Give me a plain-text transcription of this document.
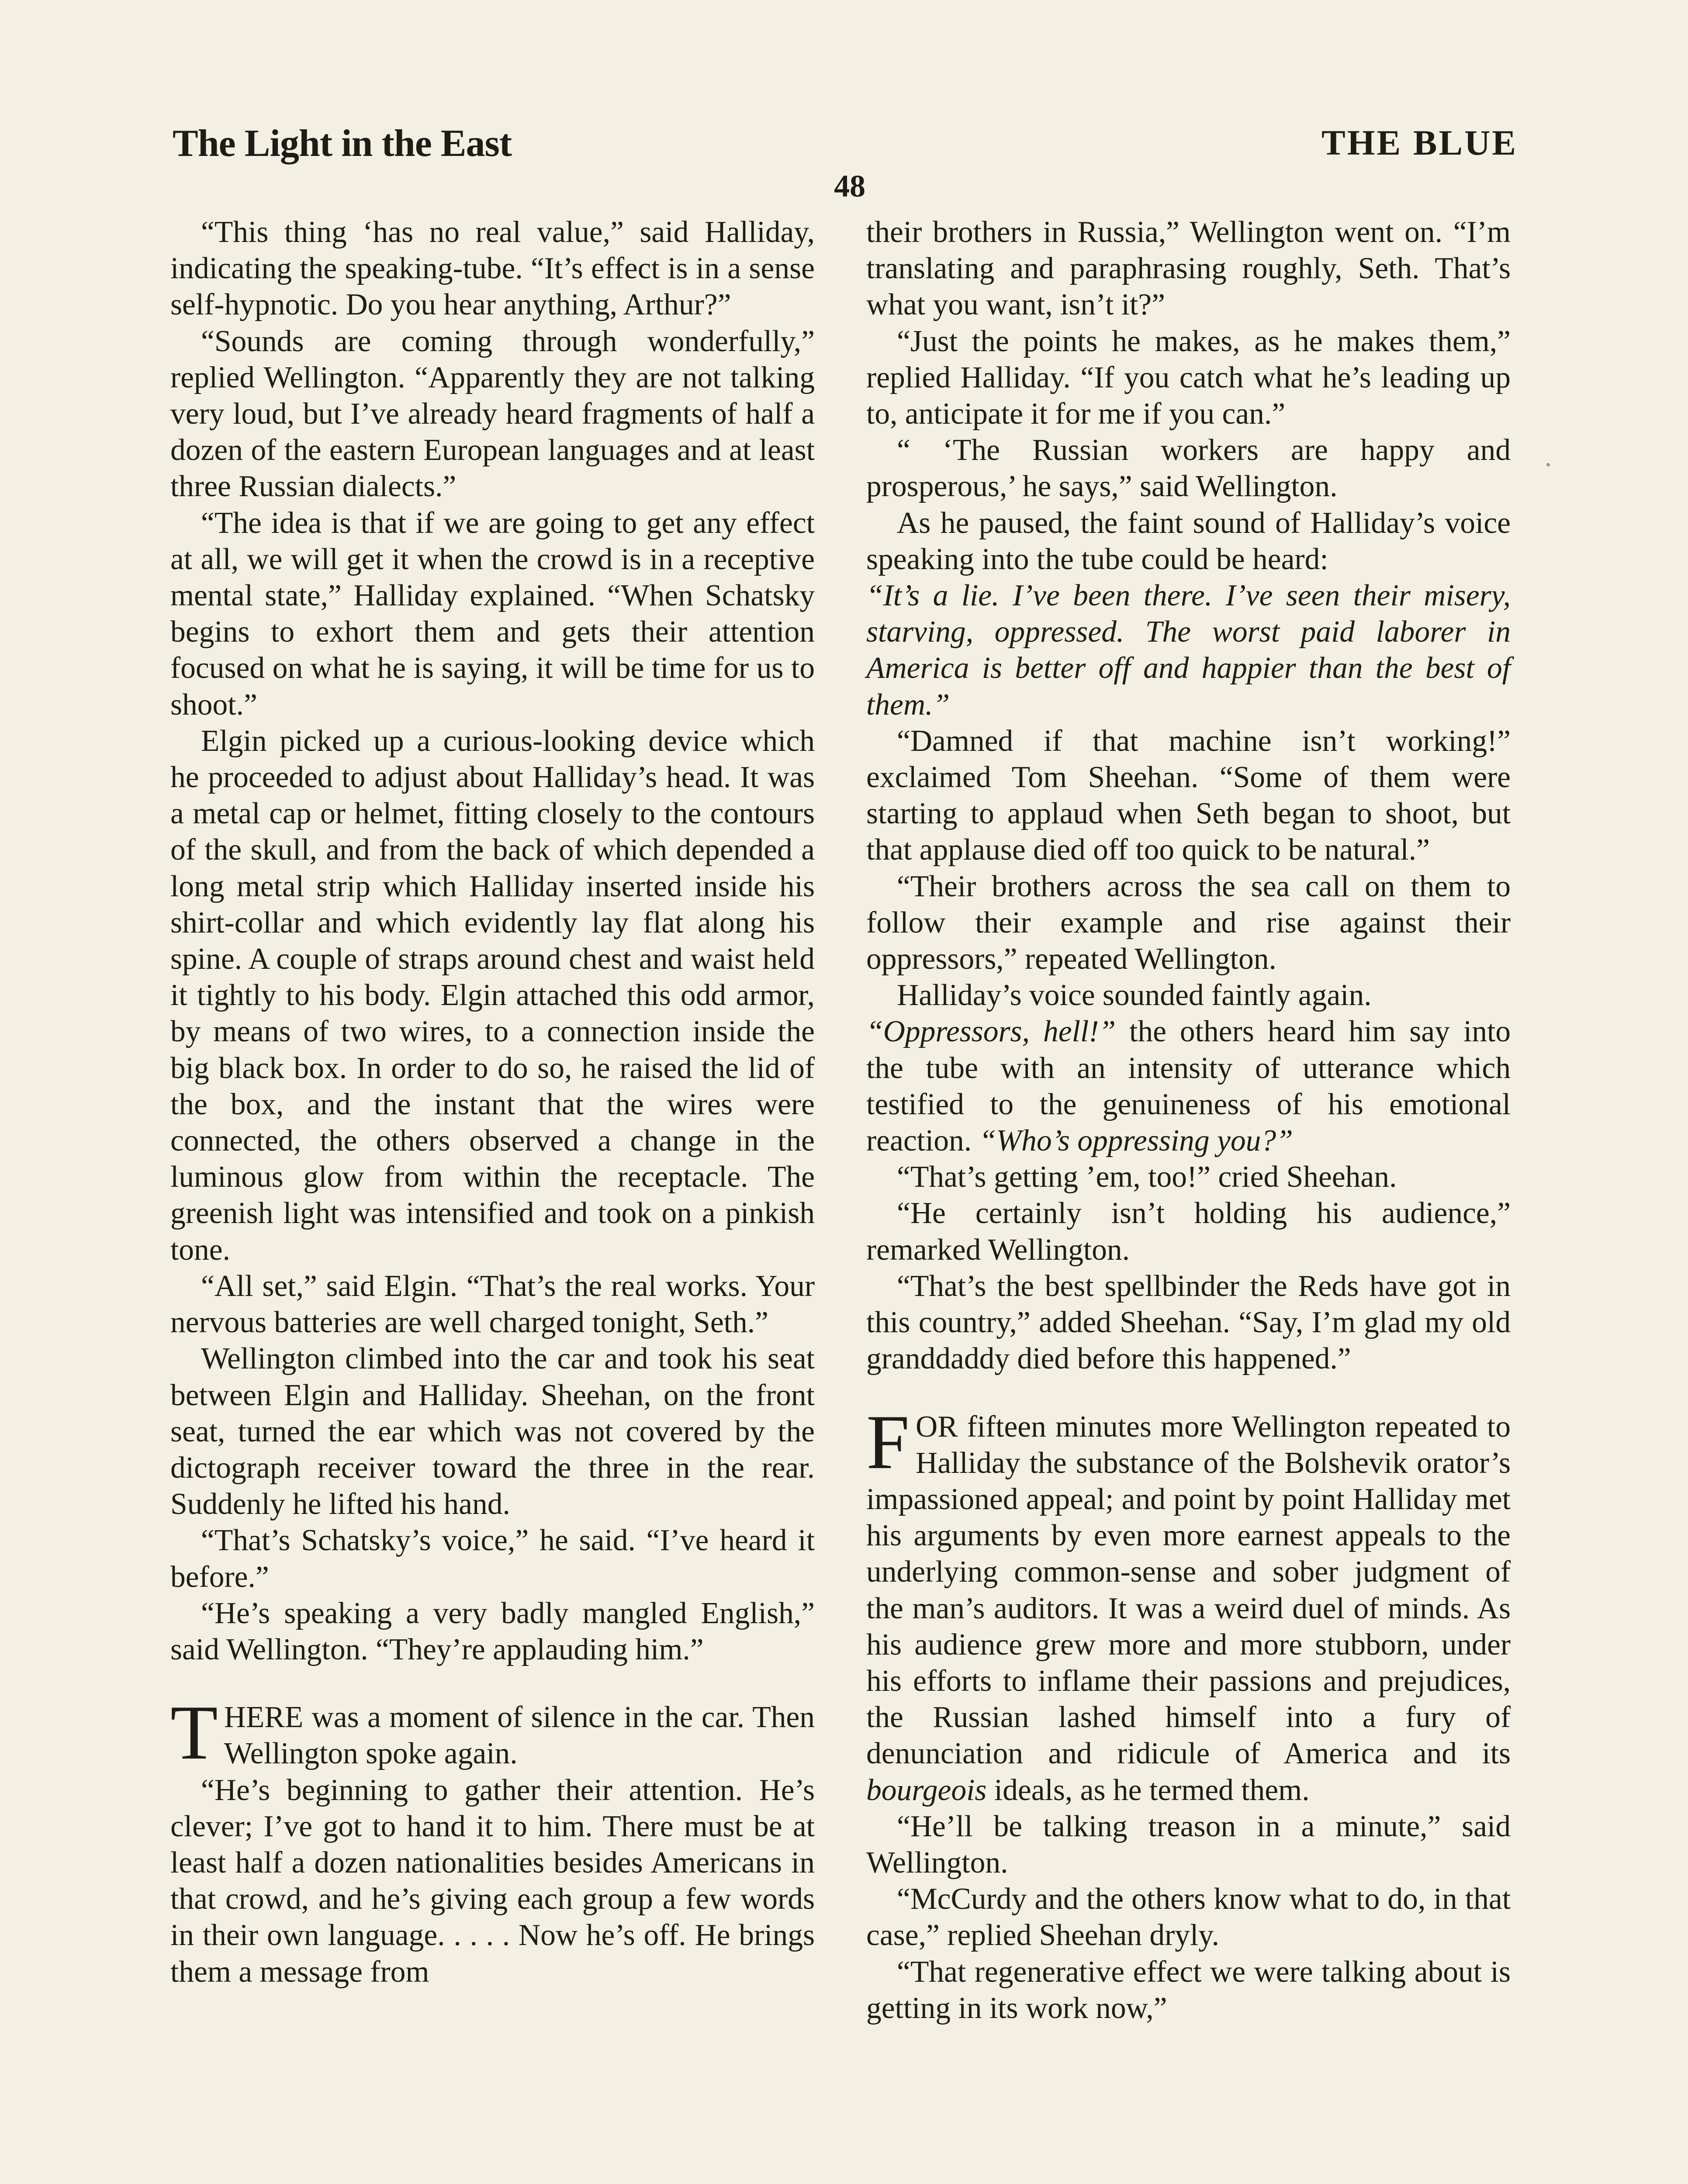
The Light in the East	THE BLUE
48

“This thing ‘has no real value,” said Halliday, indicating the speaking-tube. “It’s effect is in a sense self-hypnotic. Do you hear anything, Arthur?”

“Sounds are coming through wonderfully,” replied Wellington. “Apparently they are not talking very loud, but I’ve already heard fragments of half a dozen of the eastern European languages and at least three Russian dialects.”

“The idea is that if we are going to get any effect at all, we will get it when the crowd is in a receptive mental state,” Halliday explained. “When Schatsky begins to exhort them and gets their attention focused on what he is saying, it will be time for us to shoot.”

Elgin picked up a curious-looking device which he proceeded to adjust about Halliday’s head. It was a metal cap or helmet, fitting closely to the contours of the skull, and from the back of which depended a long metal strip which Halliday inserted inside his shirt-collar and which evidently lay flat along his spine. A couple of straps around chest and waist held it tightly to his body. Elgin attached this odd armor, by means of two wires, to a connection inside the big black box. In order to do so, he raised the lid of the box, and the instant that the wires were connected, the others observed a change in the luminous glow from within the receptacle. The greenish light was intensified and took on a pinkish tone.

“All set,” said Elgin. “That’s the real works. Your nervous batteries are well charged tonight, Seth.”

Wellington climbed into the car and took his seat between Elgin and Halliday. Sheehan, on the front seat, turned the ear which was not covered by the dictograph receiver toward the three in the rear. Suddenly he lifted his hand.

“That’s Schatsky’s voice,” he said. “I’ve heard it before.”

“He’s speaking a very badly mangled English,” said Wellington. “They’re applauding him.”

THERE was a moment of silence in the car. Then Wellington spoke again.

“He’s beginning to gather their attention. He’s clever; I’ve got to hand it to him. There must be at least half a dozen nationalities besides Americans in that crowd, and he’s giving each group a few words in their own language. . . . . Now he’s off. He brings them a message from

their brothers in Russia,” Wellington went on. “I’m translating and paraphrasing roughly, Seth. That’s what you want, isn’t it?”

“Just the points he makes, as he makes them,” replied Halliday. “If you catch what he’s leading up to, anticipate it for me if you can.”

“ ‘The Russian workers are happy and prosperous,’ he says,” said Wellington.

As he paused, the faint sound of Halliday’s voice speaking into the tube could be heard:

“It’s a lie. I’ve been there. I’ve seen their misery, starving, oppressed. The worst paid laborer in America is better off and happier than the best of them.”

“Damned if that machine isn’t working!” exclaimed Tom Sheehan. “Some of them were starting to applaud when Seth began to shoot, but that applause died off too quick to be natural.”

“Their brothers across the sea call on them to follow their example and rise against their oppressors,” repeated Wellington.

Halliday’s voice sounded faintly again.

“Oppressors, hell!” the others heard him say into the tube with an intensity of utterance which testified to the genuineness of his emotional reaction. “Who’s oppressing you?”

“That’s getting ’em, too!” cried Sheehan.

“He certainly isn’t holding his audience,” remarked Wellington.

“That’s the best spellbinder the Reds have got in this country,” added Sheehan. “Say, I’m glad my old granddaddy died before this happened.”

FOR fifteen minutes more Wellington repeated to Halliday the substance of the Bolshevik orator’s impassioned appeal; and point by point Halliday met his arguments by even more earnest appeals to the underlying common-sense and sober judgment of the man’s auditors. It was a weird duel of minds. As his audience grew more and more stubborn, under his efforts to inflame their passions and prejudices, the Russian lashed himself into a fury of denunciation and ridicule of America and its bourgeois ideals, as he termed them.

“He’ll be talking treason in a minute,” said Wellington.

“McCurdy and the others know what to do, in that case,” replied Sheehan dryly.

“That regenerative effect we were talking about is getting in its work now,”
